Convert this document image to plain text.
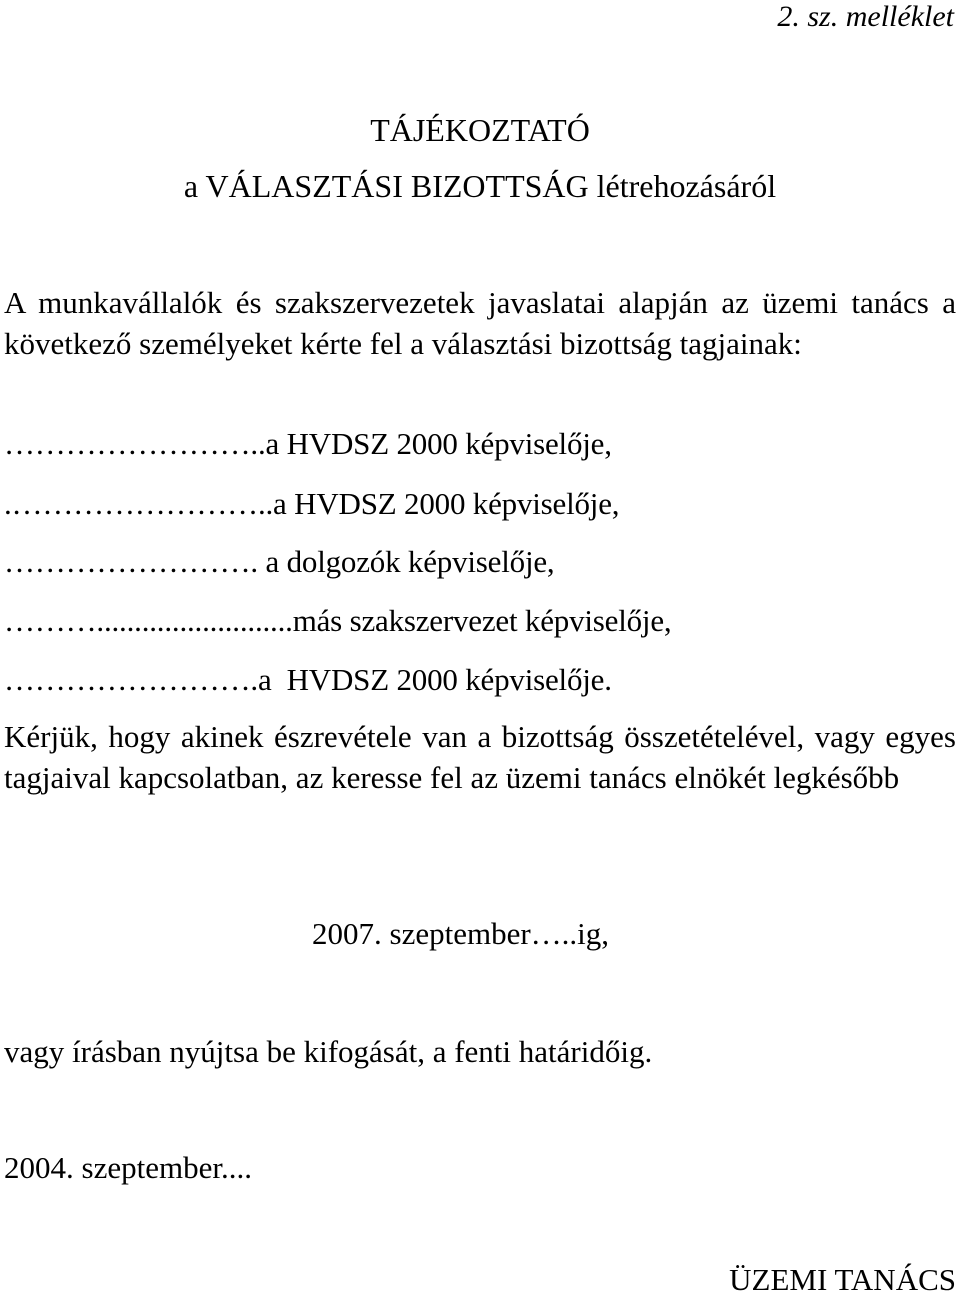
2. sz. melléklet
TÁJÉKOZTATÓ
a VÁLASZTÁSI BIZOTTSÁG létrehozásáról

A munkavállalók és szakszervezetek javaslatai alapján az üzemi tanács a következő személyeket kérte fel a választási bizottság tagjainak:

……………………..a HVDSZ 2000 képviselője,
.……………………..a HVDSZ 2000 képviselője,
……………………. a dolgozók képviselője,
………..........................más szakszervezet képviselője,
…………………….a  HVDSZ 2000 képviselője.

Kérjük, hogy akinek észrevétele van a bizottság összetételével, vagy egyes tagjaival kapcsolatban, az keresse fel az üzemi tanács elnökét legkésőbb

2007. szeptember…..ig,
vagy írásban nyújtsa be kifogását, a fenti határidőig.
2004. szeptember....
ÜZEMI TANÁCS
